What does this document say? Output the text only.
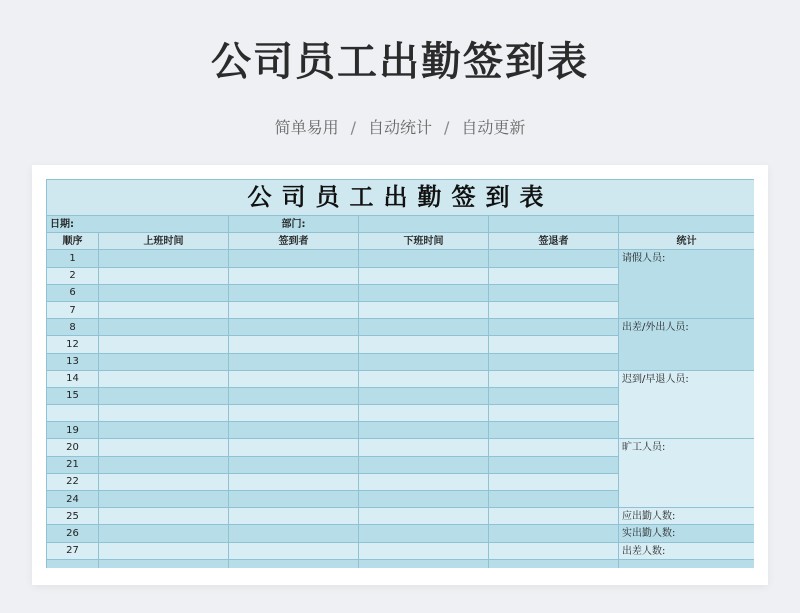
公司员工出勤签到表
简单易用 / 自动统计 / 自动更新
公司员工出勤签到表					
日期:		部门:			
顺序	上班时间	签到者	下班时间	签退者	统计
1					请假人员:
2					
6					
7					
8					出差/外出人员:
12					
13					
14					迟到/早退人员:
15					

19					
20					旷工人员:
21					
22					
24					
25					应出勤人数:
26					实出勤人数:
27					出差人数:
